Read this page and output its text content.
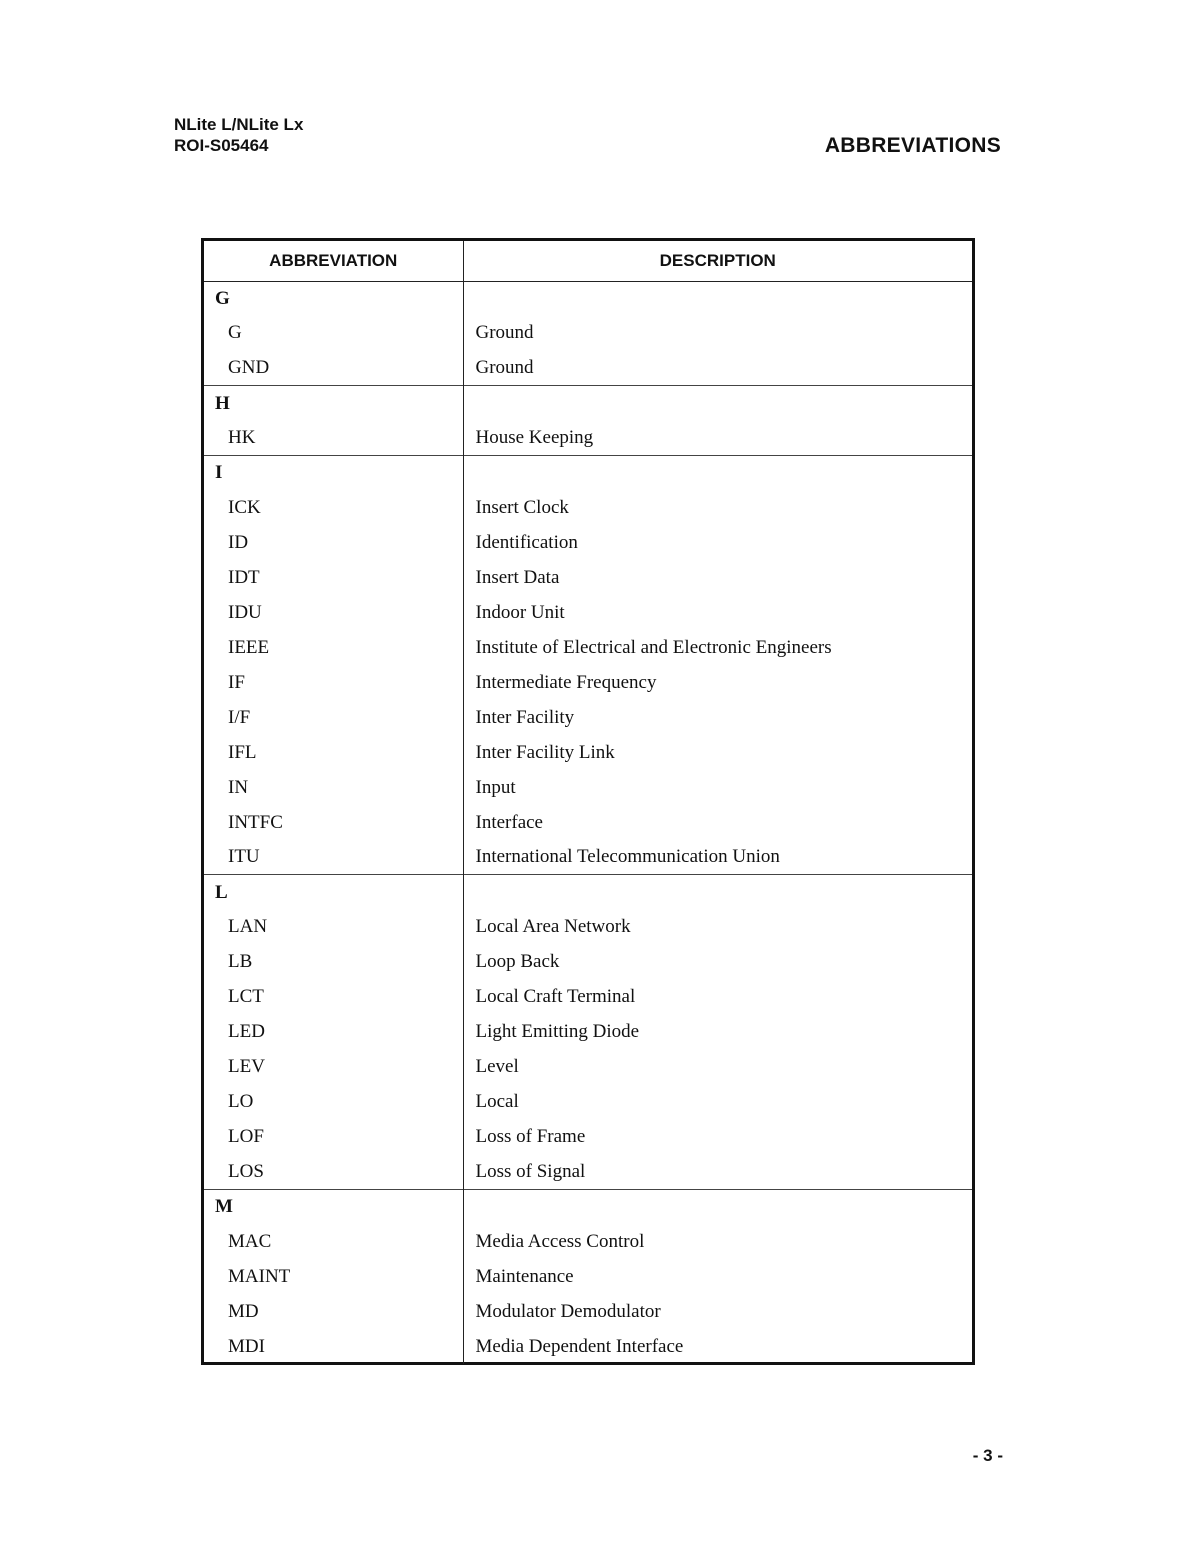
NLite L/NLite Lx
ROI-S05464	ABBREVIATIONS
ABBREVIATION	DESCRIPTION
G	
G	Ground
GND	Ground
H	
HK	House Keeping
I	
ICK	Insert Clock
ID	Identification
IDT	Insert Data
IDU	Indoor Unit
IEEE	Institute of Electrical and Electronic Engineers
IF	Intermediate Frequency
I/F	Inter Facility
IFL	Inter Facility Link
IN	Input
INTFC	Interface
ITU	International Telecommunication Union
L	
LAN	Local Area Network
LB	Loop Back
LCT	Local Craft Terminal
LED	Light Emitting Diode
LEV	Level
LO	Local
LOF	Loss of Frame
LOS	Loss of Signal
M	
MAC	Media Access Control
MAINT	Maintenance
MD	Modulator Demodulator
MDI	Media Dependent Interface
- 3 -
